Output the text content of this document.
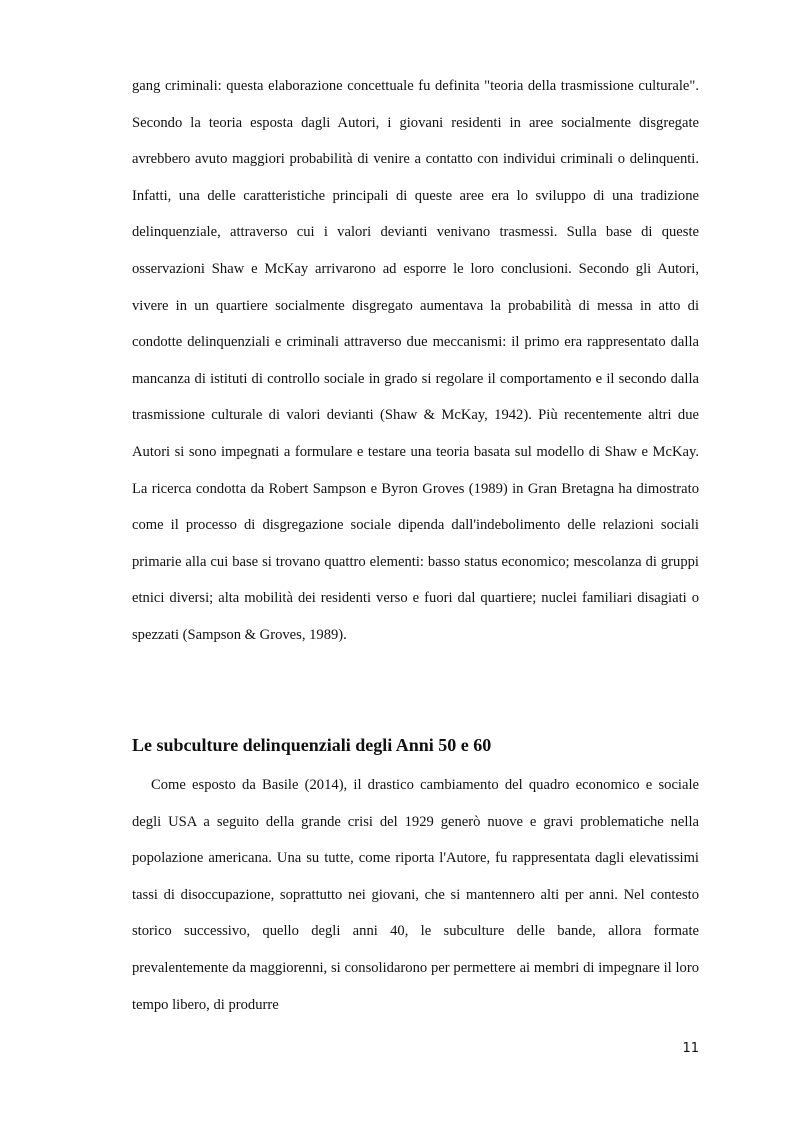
gang criminali: questa elaborazione concettuale fu definita "teoria della trasmissione culturale". Secondo la teoria esposta dagli Autori, i giovani residenti in aree socialmente disgregate avrebbero avuto maggiori probabilità di venire a contatto con individui criminali o delinquenti. Infatti, una delle caratteristiche principali di queste aree era lo sviluppo di una tradizione delinquenziale, attraverso cui i valori devianti venivano trasmessi. Sulla base di queste osservazioni Shaw e McKay arrivarono ad esporre le loro conclusioni. Secondo gli Autori, vivere in un quartiere socialmente disgregato aumentava la probabilità di messa in atto di condotte delinquenziali e criminali attraverso due meccanismi: il primo era rappresentato dalla mancanza di istituti di controllo sociale in grado si regolare il comportamento e il secondo dalla trasmissione culturale di valori devianti (Shaw & McKay, 1942). Più recentemente altri due Autori si sono impegnati a formulare e testare una teoria basata sul modello di Shaw e McKay. La ricerca condotta da Robert Sampson e Byron Groves (1989) in Gran Bretagna ha dimostrato come il processo di disgregazione sociale dipenda dall'indebolimento delle relazioni sociali primarie alla cui base si trovano quattro elementi: basso status economico; mescolanza di gruppi etnici diversi; alta mobilità dei residenti verso e fuori dal quartiere; nuclei familiari disagiati o spezzati (Sampson & Groves, 1989).

Le subculture delinquenziali degli Anni 50 e 60

Come esposto da Basile (2014), il drastico cambiamento del quadro economico e sociale degli USA a seguito della grande crisi del 1929 generò nuove e gravi problematiche nella popolazione americana. Una su tutte, come riporta l'Autore, fu rappresentata dagli elevatissimi tassi di disoccupazione, soprattutto nei giovani, che si mantennero alti per anni. Nel contesto storico successivo, quello degli anni 40, le subculture delle bande, allora formate prevalentemente da maggiorenni, si consolidarono per permettere ai membri di impegnare il loro tempo libero, di produrre

11
